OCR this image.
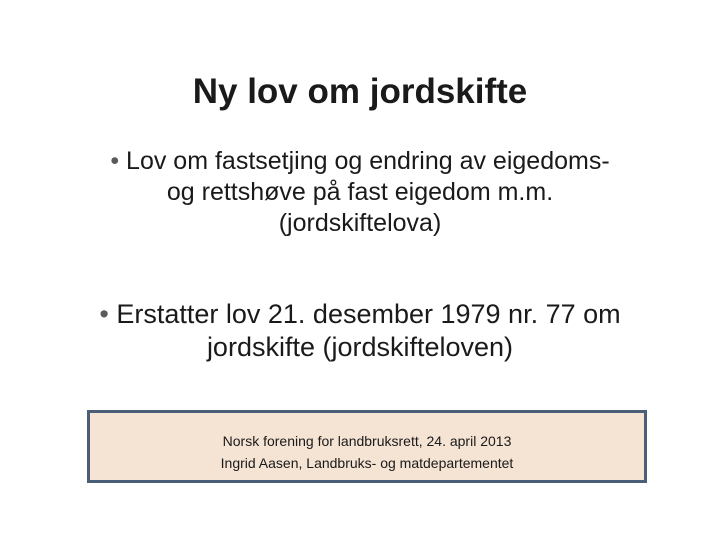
Ny lov om jordskifte
• Lov om fastsetjing og endring av eigedoms- og rettshøve på fast eigedom m.m. (jordskiftelova)
• Erstatter lov 21. desember 1979 nr. 77 om jordskifte (jordskifteloven)
Norsk forening for landbruksrett, 24. april 2013
Ingrid Aasen, Landbruks- og matdepartementet
